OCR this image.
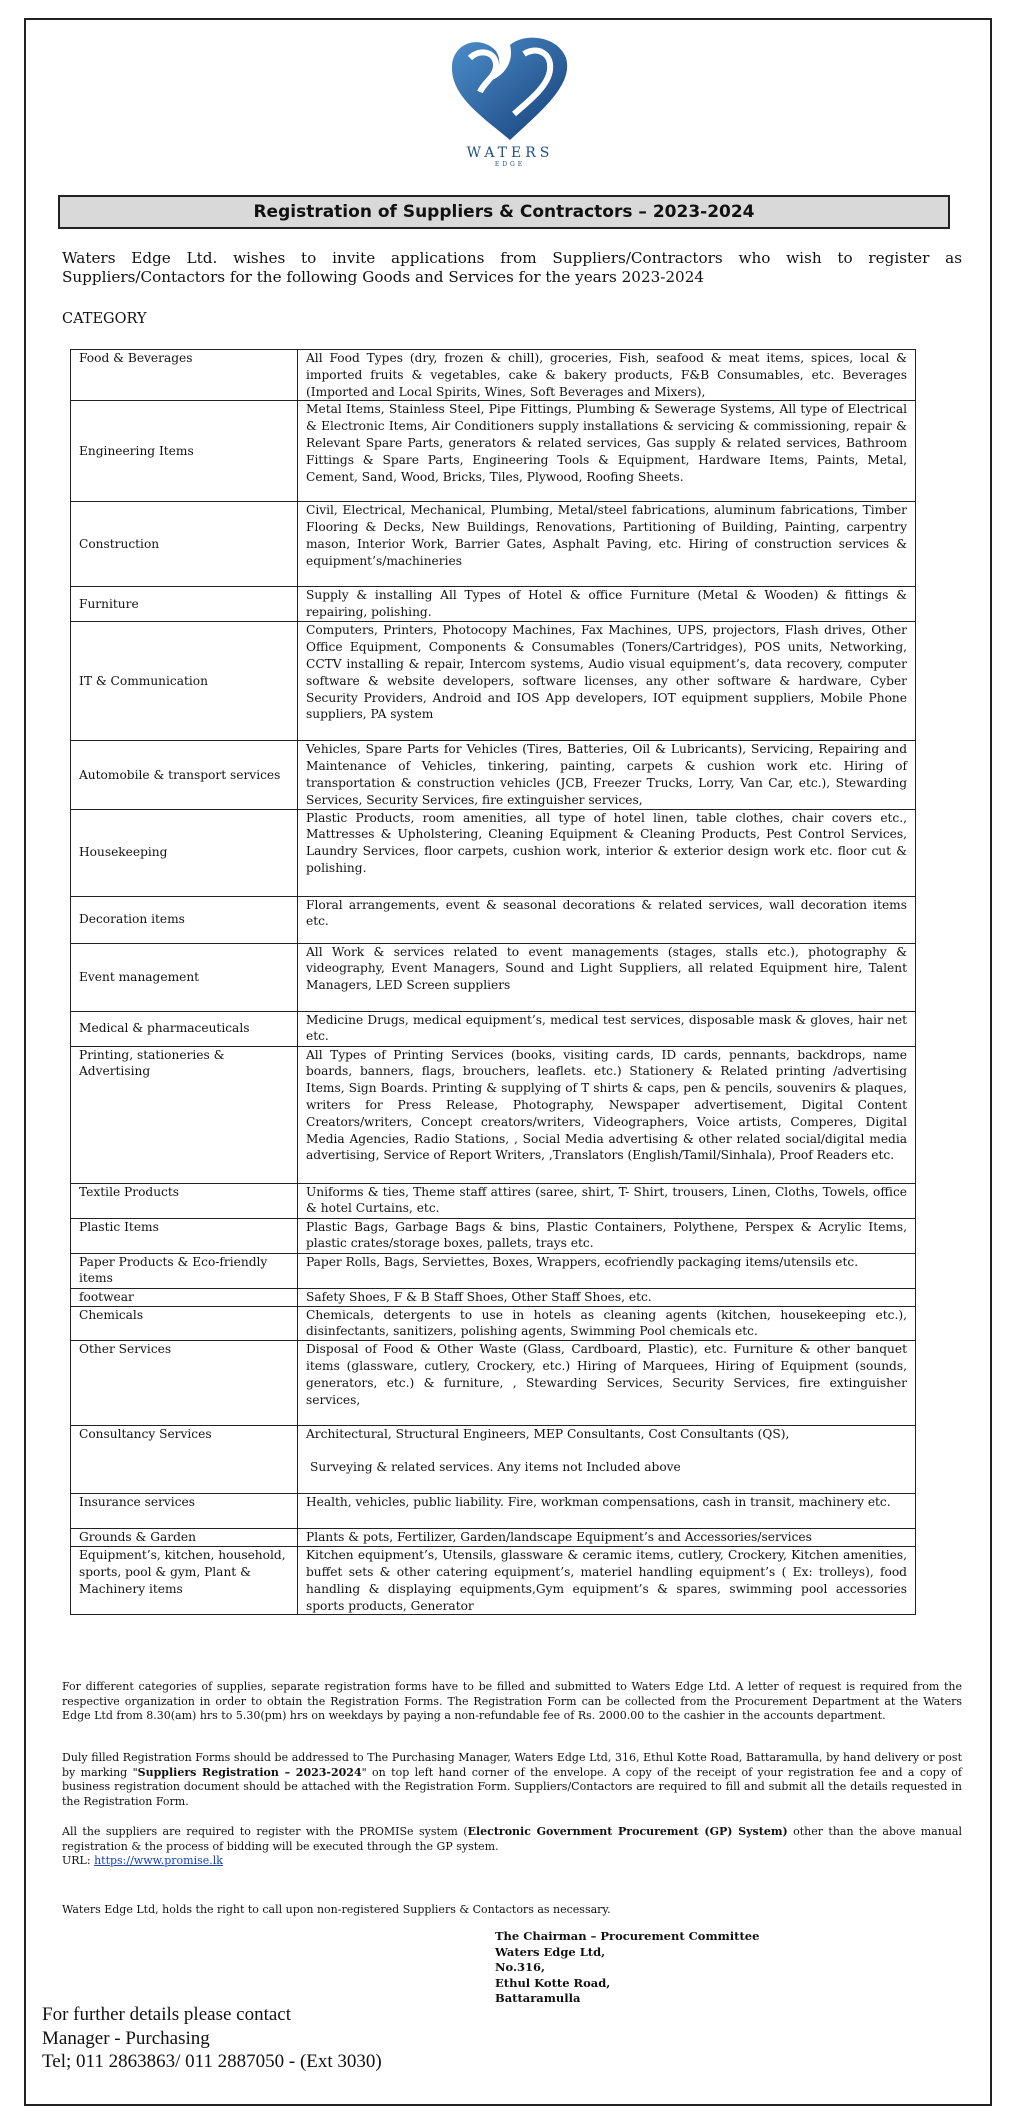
WATERS
EDGE
Registration of Suppliers & Contractors – 2023-2024
Waters Edge Ltd. wishes to invite applications from Suppliers/Contractors who wish to register as Suppliers/Contactors for the following Goods and Services for the years 2023-2024
CATEGORY
Food & Beverages	All Food Types (dry, frozen & chill), groceries, Fish, seafood & meat items, spices, local & imported fruits & vegetables, cake & bakery products, F&B Consumables, etc. Beverages (Imported and Local Spirits, Wines, Soft Beverages and Mixers),
Engineering Items	Metal Items, Stainless Steel, Pipe Fittings, Plumbing & Sewerage Systems, All type of Electrical & Electronic Items, Air Conditioners supply installations & servicing & commissioning, repair & Relevant Spare Parts, generators & related services, Gas supply & related services, Bathroom Fittings & Spare Parts, Engineering Tools & Equipment, Hardware Items, Paints, Metal, Cement, Sand, Wood, Bricks, Tiles, Plywood, Roofing Sheets.
Construction	Civil, Electrical, Mechanical, Plumbing, Metal/steel fabrications, aluminum fabrications, Timber Flooring & Decks, New Buildings, Renovations, Partitioning of Building, Painting, carpentry mason, Interior Work, Barrier Gates, Asphalt Paving, etc. Hiring of construction services & equipment’s/machineries
Furniture	Supply & installing All Types of Hotel & office Furniture (Metal & Wooden) & fittings & repairing, polishing.
IT & Communication	Computers, Printers, Photocopy Machines, Fax Machines, UPS, projectors, Flash drives, Other Office Equipment, Components & Consumables (Toners/Cartridges), POS units, Networking, CCTV installing & repair, Intercom systems, Audio visual equipment’s, data recovery, computer software & website developers, software licenses, any other software & hardware, Cyber Security Providers, Android and IOS App developers, IOT equipment suppliers, Mobile Phone suppliers, PA system
Automobile & transport services	Vehicles, Spare Parts for Vehicles (Tires, Batteries, Oil & Lubricants), Servicing, Repairing and Maintenance of Vehicles, tinkering, painting, carpets & cushion work etc. Hiring of transportation & construction vehicles (JCB, Freezer Trucks, Lorry, Van Car, etc.), Stewarding Services, Security Services, fire extinguisher services,
Housekeeping	Plastic Products, room amenities, all type of hotel linen, table clothes, chair covers etc., Mattresses & Upholstering, Cleaning Equipment & Cleaning Products, Pest Control Services, Laundry Services, floor carpets, cushion work, interior & exterior design work etc. floor cut & polishing.
Decoration items	Floral arrangements, event & seasonal decorations & related services, wall decoration items etc.
Event management	All Work & services related to event managements (stages, stalls etc.), photography & videography, Event Managers, Sound and Light Suppliers, all related Equipment hire, Talent Managers, LED Screen suppliers
Medical & pharmaceuticals	Medicine Drugs, medical equipment’s, medical test services, disposable mask & gloves, hair net etc.
Printing, stationeries & Advertising	All Types of Printing Services (books, visiting cards, ID cards, pennants, backdrops, name boards, banners, flags, brouchers, leaflets. etc.) Stationery & Related printing /advertising Items, Sign Boards. Printing & supplying of T shirts & caps, pen & pencils, souvenirs & plaques, writers for Press Release, Photography, Newspaper advertisement, Digital Content Creators/writers, Concept creators/writers, Videographers, Voice artists, Comperes, Digital Media Agencies, Radio Stations, , Social Media advertising & other related social/digital media advertising, Service of Report Writers, ,Translators (English/Tamil/Sinhala), Proof Readers etc.
Textile Products	Uniforms & ties, Theme staff attires (saree, shirt, T- Shirt, trousers, Linen, Cloths, Towels, office & hotel Curtains, etc.
Plastic Items	Plastic Bags, Garbage Bags & bins, Plastic Containers, Polythene, Perspex & Acrylic Items, plastic crates/storage boxes, pallets, trays etc.
Paper Products & Eco-friendly items	Paper Rolls, Bags, Serviettes, Boxes, Wrappers, ecofriendly packaging items/utensils etc.
footwear	Safety Shoes, F & B Staff Shoes, Other Staff Shoes, etc.
Chemicals	Chemicals, detergents to use in hotels as cleaning agents (kitchen, housekeeping etc.), disinfectants, sanitizers, polishing agents, Swimming Pool chemicals etc.
Other Services	Disposal of Food & Other Waste (Glass, Cardboard, Plastic), etc. Furniture & other banquet items (glassware, cutlery, Crockery, etc.) Hiring of Marquees, Hiring of Equipment (sounds, generators, etc.) & furniture, , Stewarding Services, Security Services, fire extinguisher services,
Consultancy Services	Architectural, Structural Engineers, MEP Consultants, Cost Consultants (QS),
Surveying & related services. Any items not Included above

Insurance services	Health, vehicles, public liability. Fire, workman compensations, cash in transit, machinery etc.
Grounds & Garden	Plants & pots, Fertilizer, Garden/landscape Equipment’s and Accessories/services
Equipment’s, kitchen, household, sports, pool & gym, Plant & Machinery items	Kitchen equipment’s, Utensils, glassware & ceramic items, cutlery, Crockery, Kitchen amenities, buffet sets & other catering equipment’s, materiel handling equipment’s ( Ex: trolleys), food handling & displaying equipments,Gym equipment’s & spares, swimming pool accessories sports products, Generator
For different categories of supplies, separate registration forms have to be filled and submitted to Waters Edge Ltd. A letter of request is required from the respective organization in order to obtain the Registration Forms. The Registration Form can be collected from the Procurement Department at the Waters Edge Ltd from 8.30(am) hrs to 5.30(pm) hrs on weekdays by paying a non-refundable fee of Rs. 2000.00 to the cashier in the accounts department.
Duly filled Registration Forms should be addressed to The Purchasing Manager, Waters Edge Ltd, 316, Ethul Kotte Road, Battaramulla, by hand delivery or post by marking "Suppliers Registration – 2023-2024" on top left hand corner of the envelope. A copy of the receipt of your registration fee and a copy of business registration document should be attached with the Registration Form. Suppliers/Contactors are required to fill and submit all the details requested in the Registration Form.
All the suppliers are required to register with the PROMISe system (Electronic Government Procurement (GP) System) other than the above manual registration & the process of bidding will be executed through the GP system.
URL: https://www.promise.lk
Waters Edge Ltd, holds the right to call upon non-registered Suppliers & Contactors as necessary.
The Chairman – Procurement Committee
Waters Edge Ltd,
No.316,
Ethul Kotte Road,
Battaramulla
For further details please contact
Manager - Purchasing
Tel; 011 2863863/ 011 2887050 - (Ext 3030)
